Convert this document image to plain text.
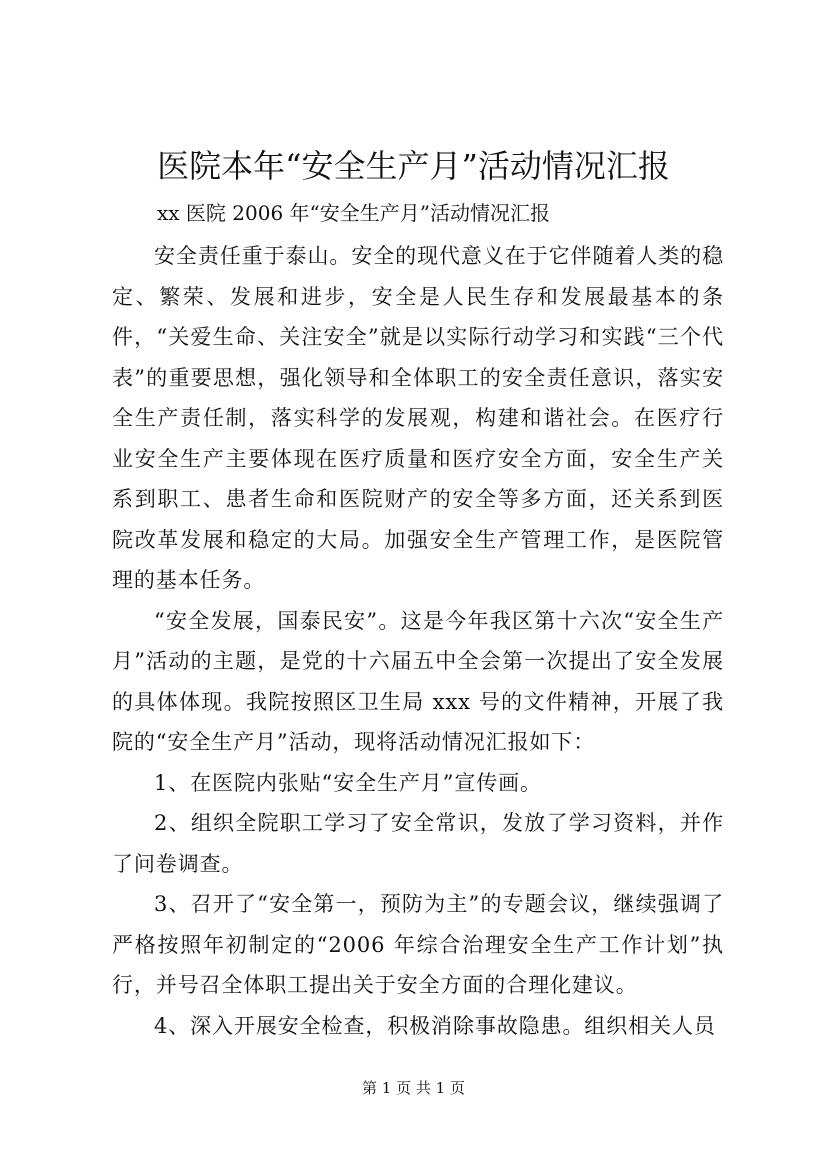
医院本年“安全生产月”活动情况汇报
xx 医院 2006 年“安全生产月”活动情况汇报

安全责任重于泰山。安全的现代意义在于它伴随着人类的稳定、繁荣、发展和进步，安全是人民生存和发展最基本的条件，“关爱生命、关注安全”就是以实际行动学习和实践“三个代表”的重要思想，强化领导和全体职工的安全责任意识，落实安全生产责任制，落实科学的发展观，构建和谐社会。在医疗行业安全生产主要体现在医疗质量和医疗安全方面，安全生产关系到职工、患者生命和医院财产的安全等多方面，还关系到医院改革发展和稳定的大局。加强安全生产管理工作，是医院管理的基本任务。

“安全发展，国泰民安”。这是今年我区第十六次“安全生产月”活动的主题，是党的十六届五中全会第一次提出了安全发展的具体体现。我院按照区卫生局 xxx 号的文件精神，开展了我院的“安全生产月”活动，现将活动情况汇报如下：

1、在医院内张贴“安全生产月”宣传画。

2、组织全院职工学习了安全常识，发放了学习资料，并作了问卷调查。

3、召开了“安全第一，预防为主”的专题会议，继续强调了严格按照年初制定的“2006 年综合治理安全生产工作计划”执行，并号召全体职工提出关于安全方面的合理化建议。

4、深入开展安全检查，积极消除事故隐患。组织相关人员

第 1 页 共 1 页
